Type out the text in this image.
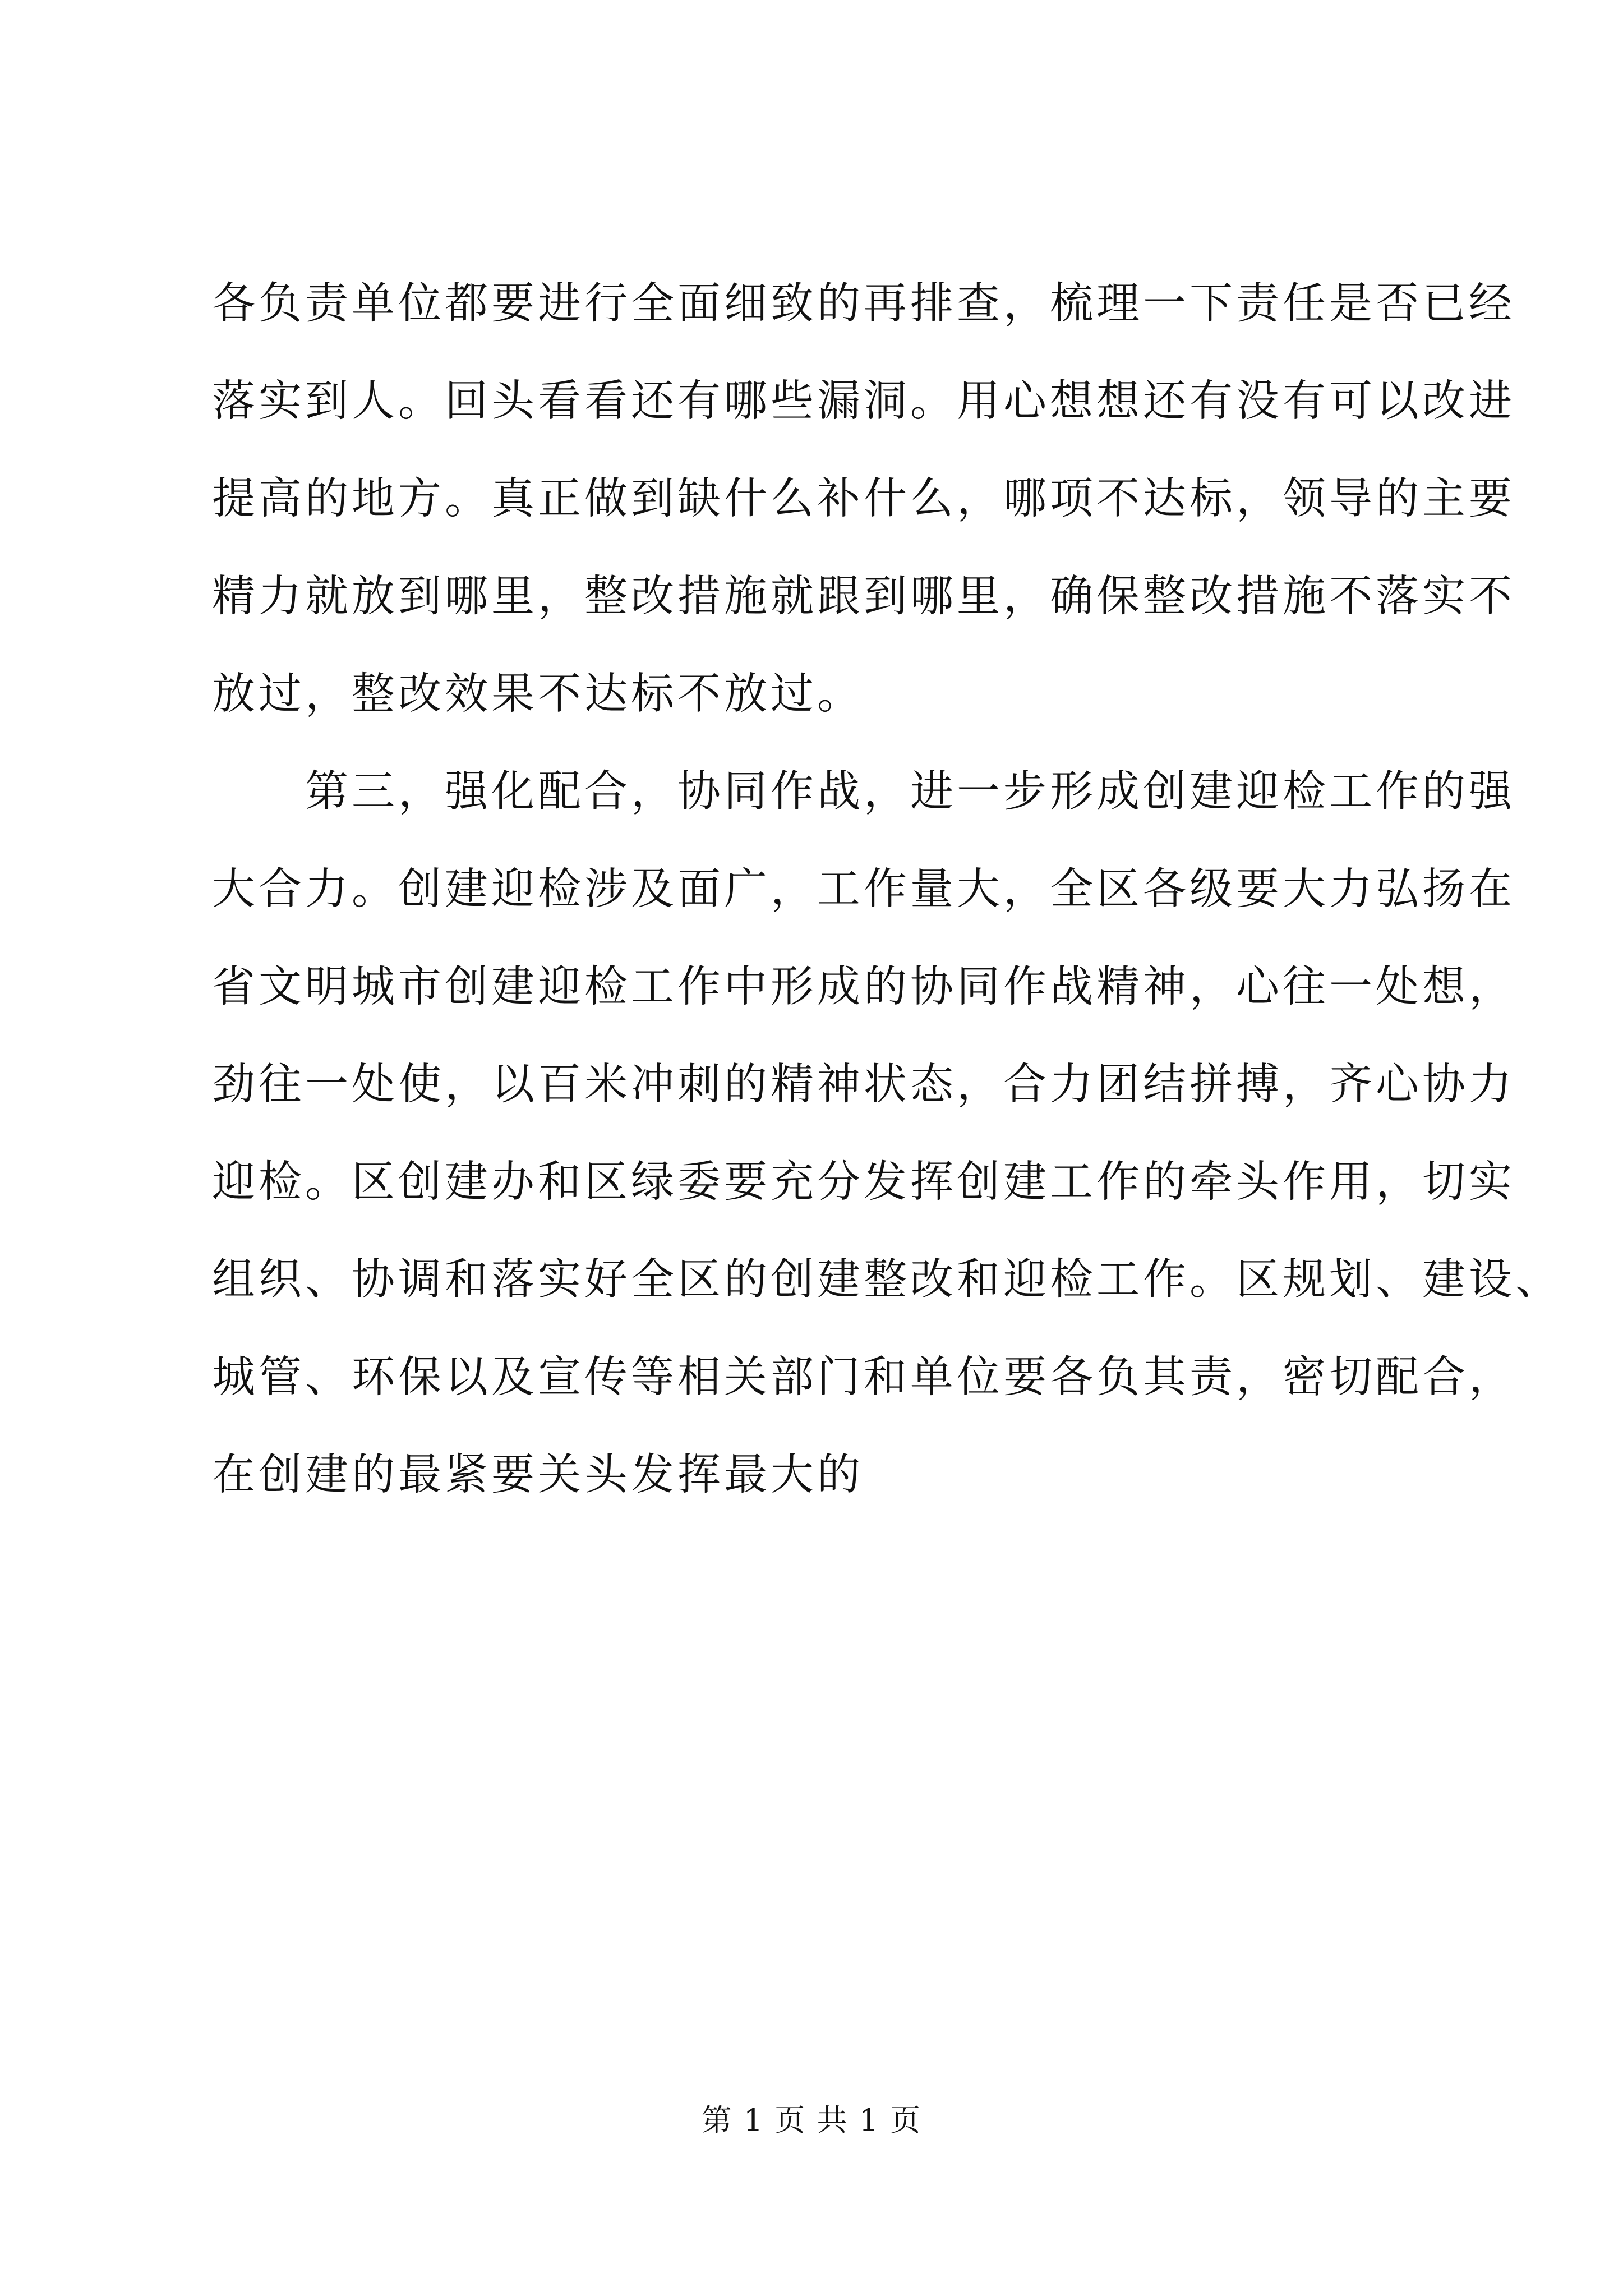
各负责单位都要进行全面细致的再排查，梳理一下责任是否已经
落实到人。回头看看还有哪些漏洞。用心想想还有没有可以改进
提高的地方。真正做到缺什么补什么，哪项不达标，领导的主要
精力就放到哪里，整改措施就跟到哪里，确保整改措施不落实不
放过，整改效果不达标不放过。
　　第三，强化配合，协同作战，进一步形成创建迎检工作的强
大合力。创建迎检涉及面广，工作量大，全区各级要大力弘扬在
省文明城市创建迎检工作中形成的协同作战精神，心往一处想，
劲往一处使，以百米冲刺的精神状态，合力团结拼搏，齐心协力
迎检。区创建办和区绿委要充分发挥创建工作的牵头作用，切实
组织、协调和落实好全区的创建整改和迎检工作。区规划、建设、
城管、环保以及宣传等相关部门和单位要各负其责，密切配合，
在创建的最紧要关头发挥最大的
第 1 页 共 1 页
